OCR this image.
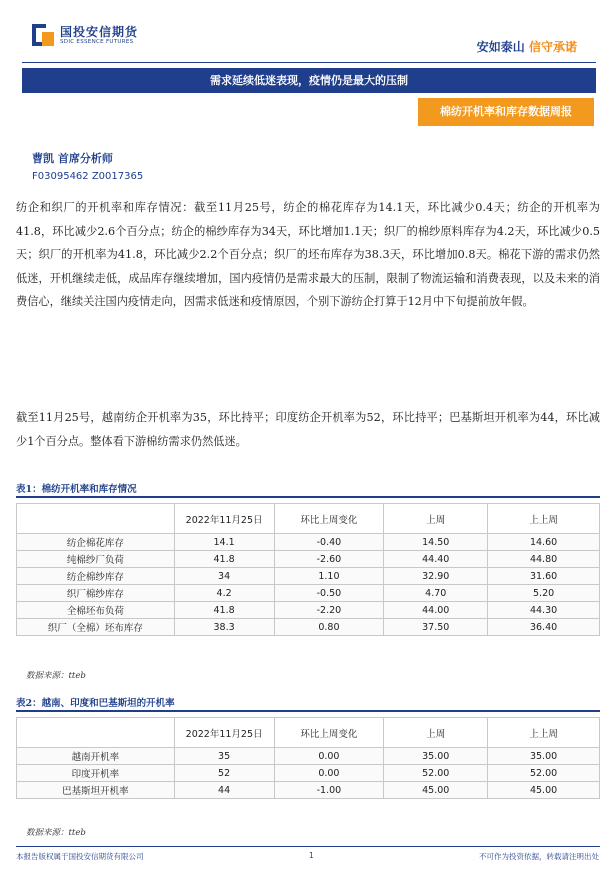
国投安信期货
SDIC ESSENCE FUTURES	安如泰山 信守承诺
需求延续低迷表现，疫情仍是最大的压制
棉纺开机率和库存数据周报
曹凯 首席分析师
F03095462 Z0017365
纺企和织厂的开机率和库存情况：截至11月25号，纺企的棉花库存为14.1天，环比减少0.4天；纺企的开机率为41.8，环比减少2.6个百分点；纺企的棉纱库存为34天，环比增加1.1天；织厂的棉纱原料库存为4.2天，环比减少0.5天；织厂的开机率为41.8，环比减少2.2个百分点；织厂的坯布库存为38.3天，环比增加0.8天。棉花下游的需求仍然低迷，开机继续走低，成品库存继续增加，国内疫情仍是需求最大的压制，限制了物流运输和消费表现，以及未来的消费信心，继续关注国内疫情走向，因需求低迷和疫情原因，个别下游纺企打算于12月中下旬提前放年假。
截至11月25号，越南纺企开机率为35，环比持平；印度纺企开机率为52，环比持平；巴基斯坦开机率为44，环比减少1个百分点。整体看下游棉纺需求仍然低迷。
表1：棉纺开机率和库存情况
	2022年11月25日	环比上周变化	上周	上上周
纺企棉花库存	14.1	-0.40	14.50	14.60
纯棉纱厂负荷	41.8	-2.60	44.40	44.80
纺企棉纱库存	34	1.10	32.90	31.60
织厂棉纱库存	4.2	-0.50	4.70	5.20
全棉坯布负荷	41.8	-2.20	44.00	44.30
织厂（全棉）坯布库存	38.3	0.80	37.50	36.40
数据来源：tteb
表2：越南、印度和巴基斯坦的开机率
	2022年11月25日	环比上周变化	上周	上上周
越南开机率	35	0.00	35.00	35.00
印度开机率	52	0.00	52.00	52.00
巴基斯坦开机率	44	-1.00	45.00	45.00
数据来源：tteb
本报告版权属于国投安信期货有限公司	1	不可作为投资依据，转载请注明出处
